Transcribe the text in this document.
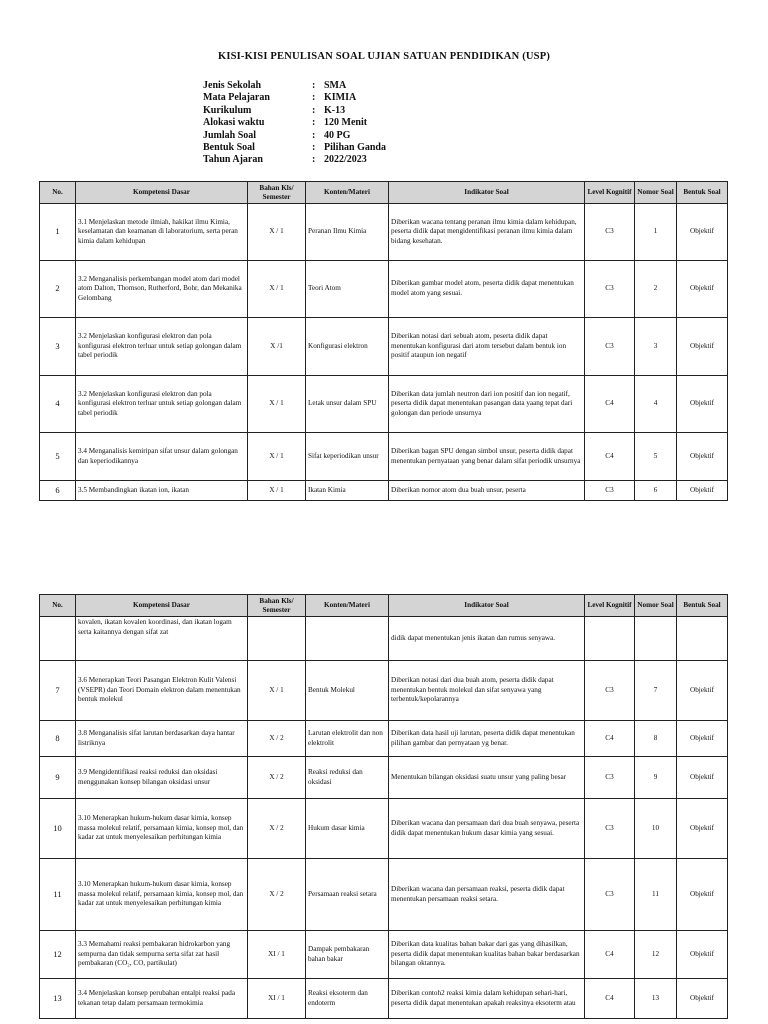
KISI-KISI PENULISAN SOAL UJIAN SATUAN PENDIDIKAN (USP)
Jenis Sekolah	: SMA
Mata Pelajaran	: KIMIA
Kurikulum	: K-13
Alokasi waktu	: 120 Menit
Jumlah Soal	: 40 PG
Bentuk Soal	: Pilihan Ganda
Tahun Ajaran	: 2022/2023
No.	Kompetensi Dasar	Bahan Kls/ Semester	Konten/Materi	Indikator Soal	Level Kognitif	Nomor Soal	Bentuk Soal
1	3.1 Menjelaskan metode ilmiah, hakikat ilmu Kimia, keselamatan dan keamanan di laboratorium, serta peran kimia dalam kehidupan	X / 1	Peranan Ilmu Kimia	Diberikan wacana tentang peranan ilmu kimia dalam kehidupan, peserta didik dapat mengidentifikasi peranan ilmu kimia dalam bidang kesehatan.	C3	1	Objektif
2	3.2 Menganalisis perkembangan model atom dari model atom Dalton, Thomson, Rutherford, Bohr, dan Mekanika Gelombang	X / 1	Teori Atom	Diberikan gambar model atom, peserta didik dapat menentukan model atom yang sesuai.	C3	2	Objektif
3	3.2 Menjelaskan konfigurasi elektron dan pola konfigurasi elektron terluar untuk setiap golongan dalam tabel periodik	X /1	Konfigurasi elektron	Diberikan notasi dari sebuah atom, peserta didik dapat menentukan konfigurasi dari atom tersebut dalam bentuk ion positif ataupun ion negatif	C3	3	Objektif
4	3.2 Menjelaskan konfigurasi elektron dan pola konfigurasi elektron terluar untuk setiap golongan dalam tabel periodik	X / 1	Letak unsur dalam SPU	Diberikan data jumlah neutron dari ion positif dan ion negatif, peserta didik dapat menentukan pasangan data yaang tepat dari golongan dan periode unsurnya	C4	4	Objektif
5	3.4 Menganalisis kemiripan sifat unsur dalam golongan dan keperiodikannya	X / 1	Sifat keperiodikan unsur	Diberikan bagan SPU dengan simbol unsur, peserta didik dapat menentukan pernyataan yang benar dalam sifat periodik unsurnya	C4	5	Objektif
6	3.5 Membandingkan ikatan ion, ikatan	X / 1	Ikatan Kimia	Diberikan nomor atom dua buah unsur, peserta	C3	6	Objektif
No.	Kompetensi Dasar	Bahan Kls/ Semester	Konten/Materi	Indikator Soal	Level Kognitif	Nomor Soal	Bentuk Soal
	kovalen, ikatan kovalen koordinasi, dan ikatan logam serta kaitannya dengan sifat zat			didik dapat menentukan jenis ikatan dan rumus senyawa.			
7	3.6 Menerapkan Teori Pasangan Elektron Kulit Valensi (VSEPR) dan Teori Domain elektron dalam menentukan bentuk molekul	X / 1	Bentuk Molekul	Diberikan notasi dari dua buah atom, peserta didik dapat menentukan bentuk molekul dan sifat senyawa yang terbentuk/kepolarannya	C3	7	Objektif
8	3.8 Menganalisis sifat larutan berdasarkan daya hantar listriknya	X / 2	Larutan elektrolit dan non elektrolit	Diberikan data hasil uji larutan, peserta didik dapat menentukan pilihan gambar dan pernyataan yg benar.	C4	8	Objektif
9	3.9 Mengidentifikasi reaksi reduksi dan oksidasi menggunakan konsep bilangan oksidasi unsur	X / 2	Reaksi reduksi dan oksidasi	Menentukan bilangan oksidasi suatu unsur yang paling besar	C3	9	Objektif
10	3.10 Menerapkan hukum-hukum dasar kimia, konsep massa molekul relatif, persamaan kimia, konsep mol, dan kadar zat untuk menyelesaikan perhitungan kimia	X / 2	Hukum dasar kimia	Diberikan wacana dan persamaan dari dua buah senyawa, peserta didik dapat menentukan hukum dasar kimia yang sesuai.	C3	10	Objektif
11	3.10 Menerapkan hukum-hukum dasar kimia, konsep massa molekul relatif, persamaan kimia, konsep mol, dan kadar zat untuk menyelesaikan perhitungan kimia	X / 2	Persamaan reaksi setara	Diberikan wacana dan persamaan reaksi, peserta didik dapat menentukan persamaan reaksi setara.	C3	11	Objektif
12	3.3 Memahami reaksi pembakaran hidrokarbon yang sempurna dan tidak sempurna serta sifat zat hasil pembakaran (CO₂, CO, partikulat)	XI / 1	Dampak pembakaran bahan bakar	Diberikan data kualitas bahan bakar dari gas yang dihasilkan, peserta didik dapat menentukan kualitas bahan bakar berdasarkan bilangan oktannya.	C4	12	Objektif
13	3.4 Menjelaskan konsep perubahan entalpi reaksi pada tekanan tetap dalam persamaan termokimia	XI / 1	Reaksi eksoterm dan endoterm	Diberikan contoh2 reaksi kimia dalam kehidupan sehari-hari, peserta didik dapat menentukan apakah reaksinya eksoterm atau	C4	13	Objektif
